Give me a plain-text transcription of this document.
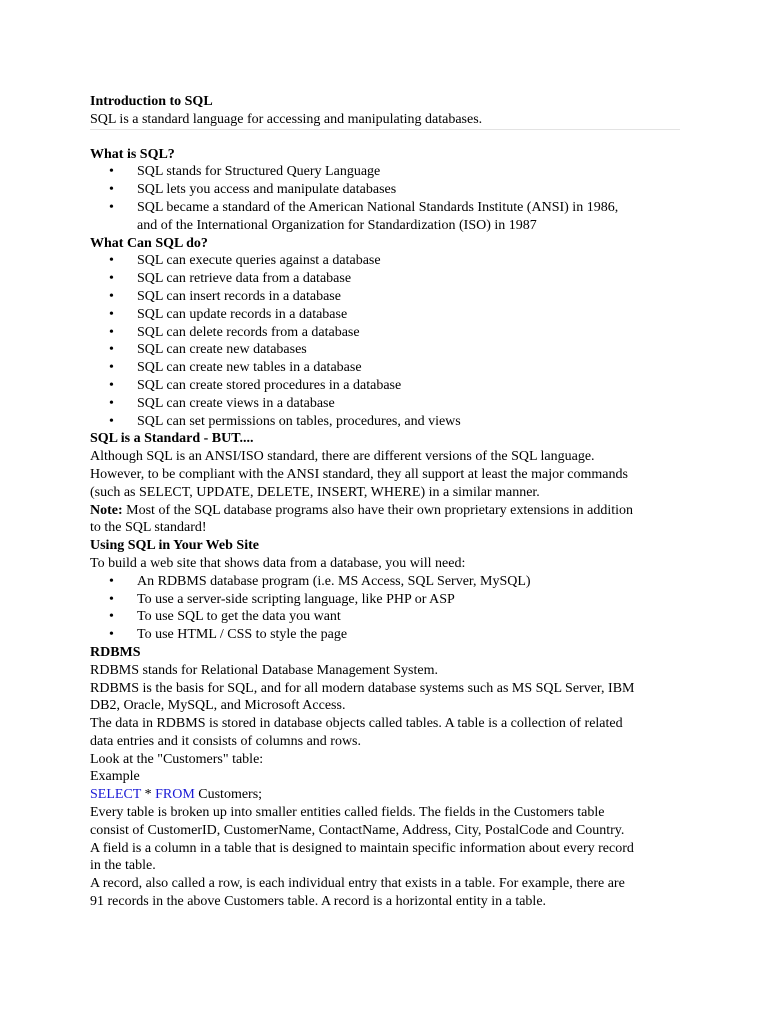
Introduction to SQL
SQL is a standard language for accessing and manipulating databases.
What is SQL?
• SQL stands for Structured Query Language
• SQL lets you access and manipulate databases
• SQL became a standard of the American National Standards Institute (ANSI) in 1986,
and of the International Organization for Standardization (ISO) in 1987
What Can SQL do?
• SQL can execute queries against a database
• SQL can retrieve data from a database
• SQL can insert records in a database
• SQL can update records in a database
• SQL can delete records from a database
• SQL can create new databases
• SQL can create new tables in a database
• SQL can create stored procedures in a database
• SQL can create views in a database
• SQL can set permissions on tables, procedures, and views
SQL is a Standard - BUT....
Although SQL is an ANSI/ISO standard, there are different versions of the SQL language.
However, to be compliant with the ANSI standard, they all support at least the major commands
(such as SELECT, UPDATE, DELETE, INSERT, WHERE) in a similar manner.
Note: Most of the SQL database programs also have their own proprietary extensions in addition
to the SQL standard!
Using SQL in Your Web Site
To build a web site that shows data from a database, you will need:
• An RDBMS database program (i.e. MS Access, SQL Server, MySQL)
• To use a server-side scripting language, like PHP or ASP
• To use SQL to get the data you want
• To use HTML / CSS to style the page
RDBMS
RDBMS stands for Relational Database Management System.
RDBMS is the basis for SQL, and for all modern database systems such as MS SQL Server, IBM
DB2, Oracle, MySQL, and Microsoft Access.
The data in RDBMS is stored in database objects called tables. A table is a collection of related
data entries and it consists of columns and rows.
Look at the "Customers" table:
Example
SELECT * FROM Customers;
Every table is broken up into smaller entities called fields. The fields in the Customers table
consist of CustomerID, CustomerName, ContactName, Address, City, PostalCode and Country.
A field is a column in a table that is designed to maintain specific information about every record
in the table.
A record, also called a row, is each individual entry that exists in a table. For example, there are
91 records in the above Customers table. A record is a horizontal entity in a table.
